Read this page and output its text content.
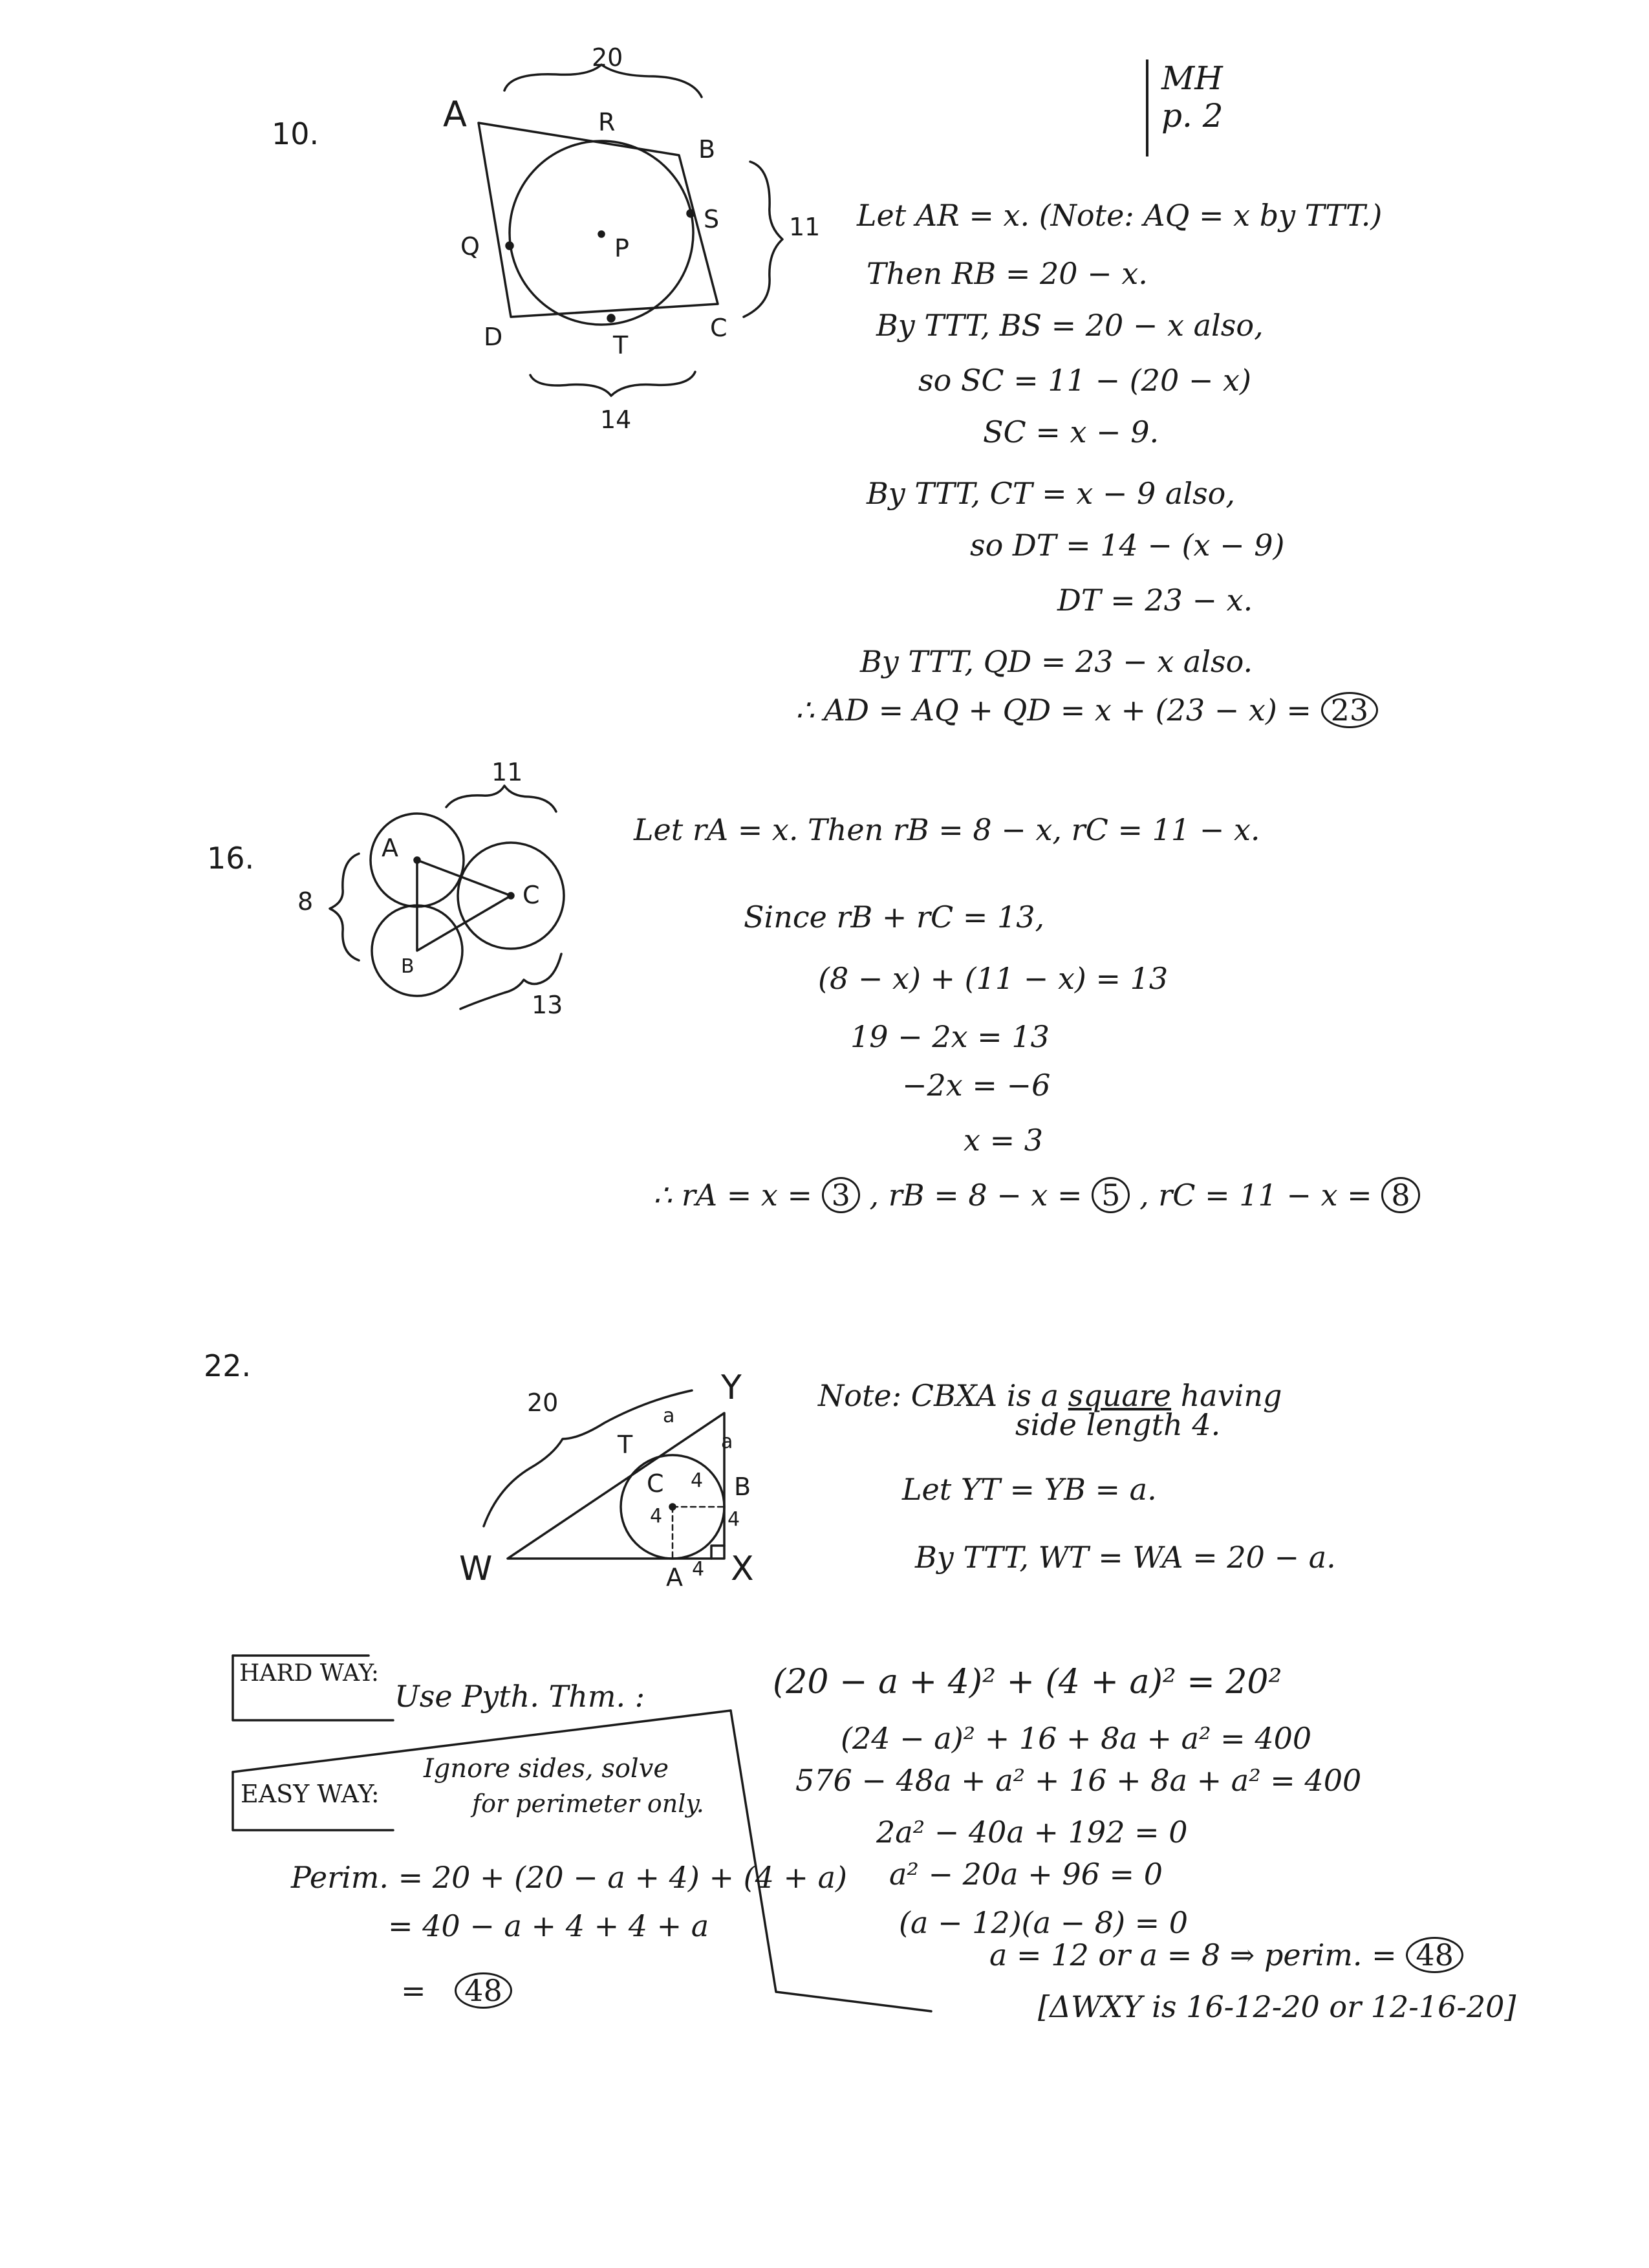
MH
p. 2
10.
20
11
14
A
B
C
D
R
S
T
Q	P
Let AR = x. (Note: AQ = x by TTT.)
Then RB = 20 − x.
By TTT, BS = 20 − x also,
so SC = 11 − (20 − x)
SC = x − 9.
By TTT, CT = x − 9 also,
so DT = 14 − (x − 9)
DT = 23 − x.
By TTT, QD = 23 − x also.
∴ AD = AQ + QD = x + (23 − x) = 23
16.
11
8
13
A
B
C
Let rA = x. Then rB = 8 − x, rC = 11 − x.
Since rB + rC = 13,
(8 − x) + (11 − x) = 13
19 − 2x = 13
−2x = −6
x = 3
∴ rA = x = 3 , rB = 8 − x = 5 , rC = 11 − x = 8
22.
20
W	X
Y
T
B
A
C
a
a
4
4	4
4
Note: CBXA is a square having
side length 4.
Let YT = YB = a.
By TTT, WT = WA = 20 − a.
HARD WAY:
Use Pyth. Thm. :	(20 − a + 4)² + (4 + a)² = 20²
(24 − a)² + 16 + 8a + a² = 400
576 − 48a + a² + 16 + 8a + a² = 400
2a² − 40a + 192 = 0
a² − 20a + 96 = 0
(a − 12)(a − 8) = 0
a = 12 or a = 8 ⇒ perim. = 48
[ΔWXY is 16-12-20 or 12-16-20]
EASY WAY:
Ignore sides, solve
for perimeter only.
Perim. = 20 + (20 − a + 4) + (4 + a)
= 40 − a + 4 + 4 + a
= 48
